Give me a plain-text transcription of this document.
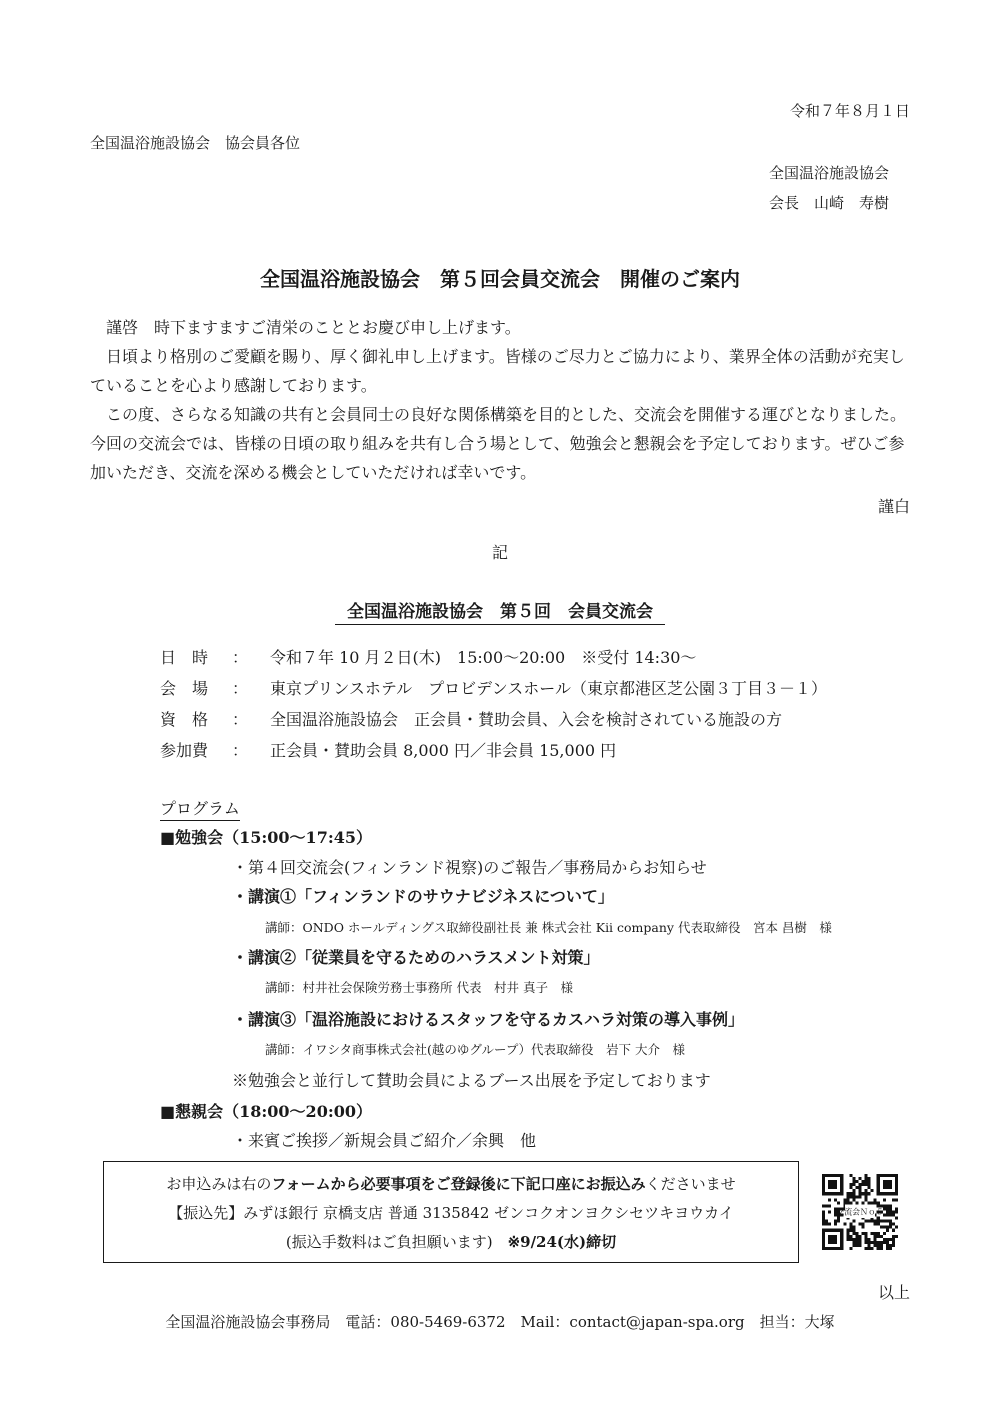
令和７年８月１日
全国温浴施設協会　協会員各位
全国温浴施設協会
会長　山崎　寿樹
全国温浴施設協会　第５回会員交流会　開催のご案内
謹啓　時下ますますご清栄のこととお慶び申し上げます。
日頃より格別のご愛顧を賜り、厚く御礼申し上げます。皆様のご尽力とご協力により、業界全体の活動が充実していることを心より感謝しております。
この度、さらなる知識の共有と会員同士の良好な関係構築を目的とした、交流会を開催する運びとなりました。今回の交流会では、皆様の日頃の取り組みを共有し合う場として、勉強会と懇親会を予定しております。ぜひご参加いただき、交流を深める機会としていただければ幸いです。
謹白
記
全国温浴施設協会　第５回　会員交流会
日　時 ： 令和７年 10 月２日(木)　15:00～20:00　※受付 14:30～
会　場 ： 東京プリンスホテル　プロビデンスホール（東京都港区芝公園３丁目３－１）
資　格 ： 全国温浴施設協会　正会員・賛助会員、入会を検討されている施設の方
参加費 ： 正会員・賛助会員 8,000 円／非会員 15,000 円
プログラム
■勉強会（15:00～17:45）
・第４回交流会(フィンランド視察)のご報告／事務局からお知らせ
・講演①「フィンランドのサウナビジネスについて」
講師：ONDO ホールディングス取締役副社長 兼 株式会社 Kii company 代表取締役　宮本 昌樹　様
・講演②「従業員を守るためのハラスメント対策」
講師：村井社会保険労務士事務所 代表　村井 真子　様
・講演③「温浴施設におけるスタッフを守るカスハラ対策の導入事例」
講師：イワシタ商事株式会社(越のゆグループ）代表取締役　岩下 大介　様
※勉強会と並行して賛助会員によるブース出展を予定しております
■懇親会（18:00～20:00）
・来賓ご挨拶／新規会員ご紹介／余興　他
お申込みは右のフォームから必要事項をご登録後に下記口座にお振込みくださいませ
【振込先】みずほ銀行 京橋支店 普通 3135842 ゼンコクオンヨクシセツキヨウカイ
(振込手数料はご負担願います)　※9/24(水)締切
交流会Ｎｏ５
以上
全国温浴施設協会事務局　電話：080-5469-6372　Mail：contact@japan-spa.org　担当：大塚
